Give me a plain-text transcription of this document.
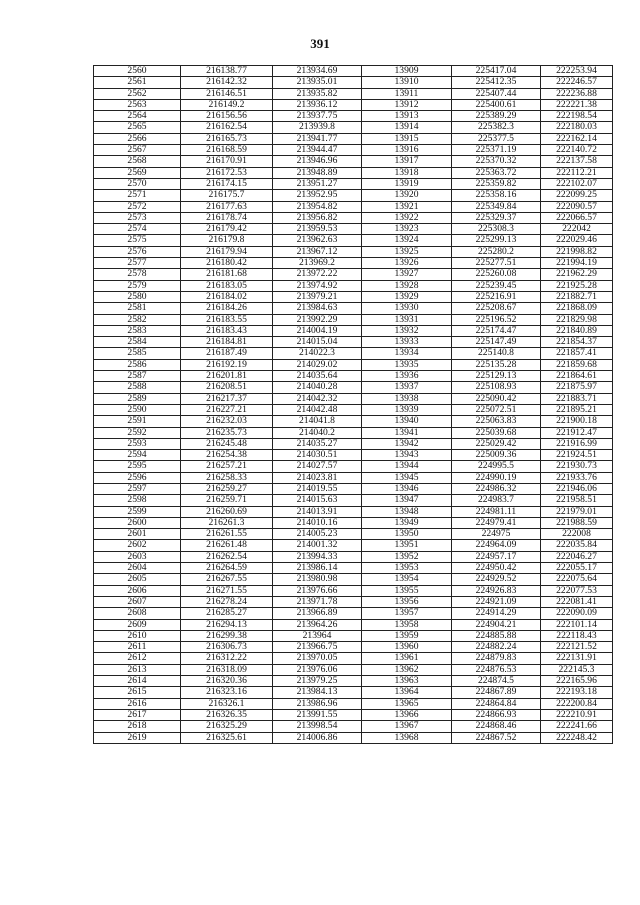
391
2560	216138.77	213934.69	13909	225417.04	222253.94
2561	216142.32	213935.01	13910	225412.35	222246.57
2562	216146.51	213935.82	13911	225407.44	222236.88
2563	216149.2	213936.12	13912	225400.61	222221.38
2564	216156.56	213937.75	13913	225389.29	222198.54
2565	216162.54	213939.8	13914	225382.3	222180.03
2566	216165.73	213941.77	13915	225377.5	222162.14
2567	216168.59	213944.47	13916	225371.19	222140.72
2568	216170.91	213946.96	13917	225370.32	222137.58
2569	216172.53	213948.89	13918	225363.72	222112.21
2570	216174.15	213951.27	13919	225359.82	222102.07
2571	216175.7	213952.95	13920	225358.16	222099.25
2572	216177.63	213954.82	13921	225349.84	222090.57
2573	216178.74	213956.82	13922	225329.37	222066.57
2574	216179.42	213959.53	13923	225308.3	222042
2575	216179.8	213962.63	13924	225299.13	222029.46
2576	216179.94	213967.12	13925	225280.2	221998.82
2577	216180.42	213969.2	13926	225277.51	221994.19
2578	216181.68	213972.22	13927	225260.08	221962.29
2579	216183.05	213974.92	13928	225239.45	221925.28
2580	216184.02	213979.21	13929	225216.91	221882.71
2581	216184.26	213984.63	13930	225208.67	221868.09
2582	216183.55	213992.29	13931	225196.52	221829.98
2583	216183.43	214004.19	13932	225174.47	221840.89
2584	216184.81	214015.04	13933	225147.49	221854.37
2585	216187.49	214022.3	13934	225140.8	221857.41
2586	216192.19	214029.02	13935	225135.28	221859.68
2587	216201.81	214035.64	13936	225129.13	221864.61
2588	216208.51	214040.28	13937	225108.93	221875.97
2589	216217.37	214042.32	13938	225090.42	221883.71
2590	216227.21	214042.48	13939	225072.51	221895.21
2591	216232.03	214041.8	13940	225063.83	221900.18
2592	216235.73	214040.2	13941	225039.68	221912.47
2593	216245.48	214035.27	13942	225029.42	221916.99
2594	216254.38	214030.51	13943	225009.36	221924.51
2595	216257.21	214027.57	13944	224995.5	221930.73
2596	216258.33	214023.81	13945	224990.19	221933.76
2597	216259.27	214019.55	13946	224986.32	221946.06
2598	216259.71	214015.63	13947	224983.7	221958.51
2599	216260.69	214013.91	13948	224981.11	221979.01
2600	216261.3	214010.16	13949	224979.41	221988.59
2601	216261.55	214005.23	13950	224975	222008
2602	216261.48	214001.32	13951	224964.09	222035.84
2603	216262.54	213994.33	13952	224957.17	222046.27
2604	216264.59	213986.14	13953	224950.42	222055.17
2605	216267.55	213980.98	13954	224929.52	222075.64
2606	216271.55	213976.66	13955	224926.83	222077.53
2607	216278.24	213971.78	13956	224921.09	222081.41
2608	216285.27	213966.89	13957	224914.29	222090.09
2609	216294.13	213964.26	13958	224904.21	222101.14
2610	216299.38	213964	13959	224885.88	222118.43
2611	216306.73	213966.75	13960	224882.24	222121.52
2612	216312.22	213970.05	13961	224879.83	222131.91
2613	216318.09	213976.06	13962	224876.53	222145.3
2614	216320.36	213979.25	13963	224874.5	222165.96
2615	216323.16	213984.13	13964	224867.89	222193.18
2616	216326.1	213986.96	13965	224864.84	222200.84
2617	216326.35	213991.55	13966	224866.93	222210.91
2618	216325.29	213998.54	13967	224868.46	222241.66
2619	216325.61	214006.86	13968	224867.52	222248.42
